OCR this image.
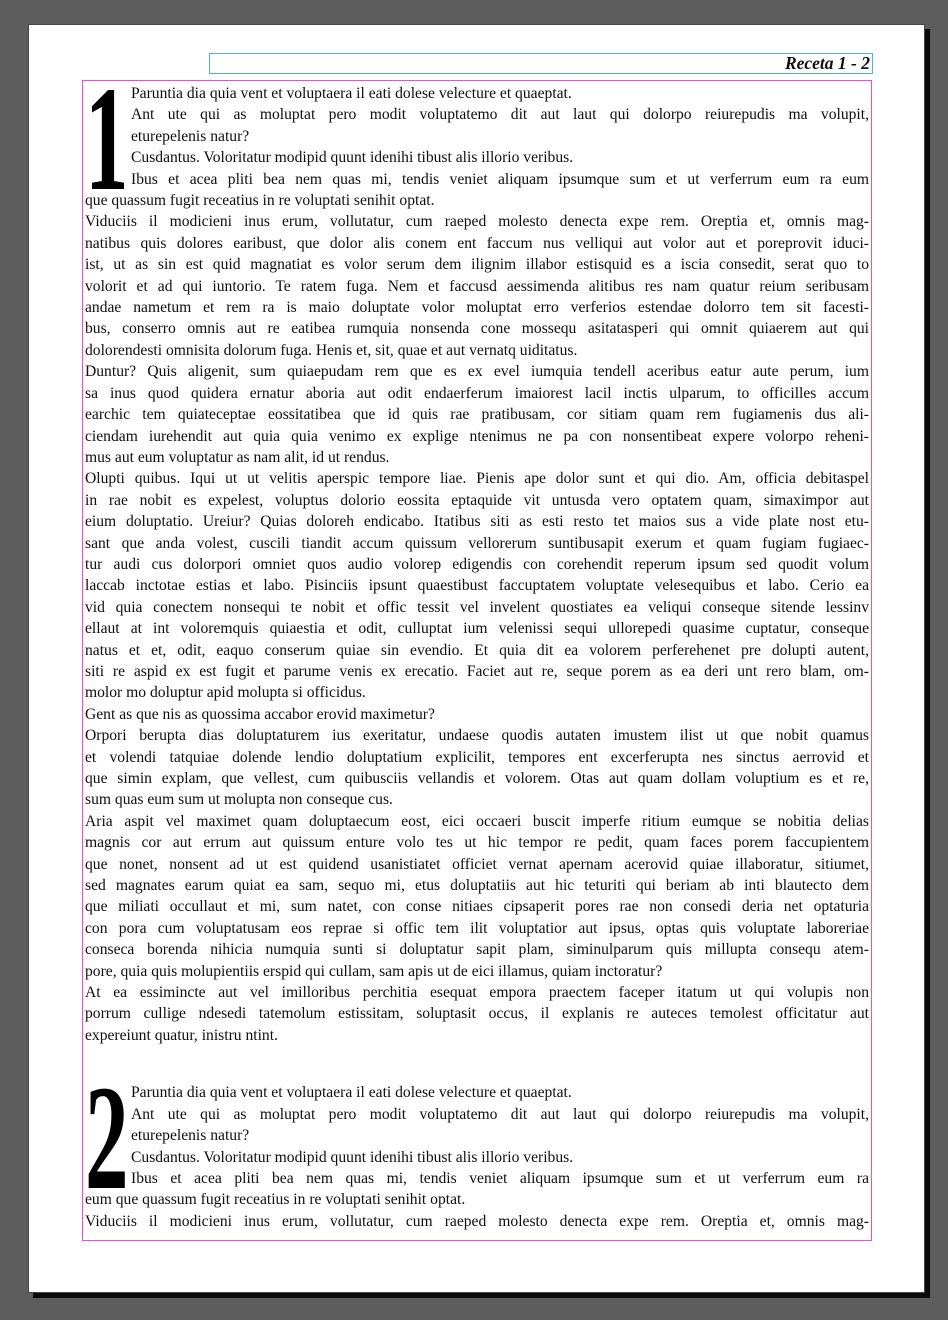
Receta 1 - 2
1 Paruntia dia quia vent et voluptaera il eati dolese velecture et quaeptat.
Ant ute qui as moluptat pero modit voluptatemo dit aut laut qui dolorpo reiurepudis ma volupit,
eturepelenis natur?
Cusdantus. Voloritatur modipid quunt idenihi tibust alis illorio veribus.
Ibus et acea pliti bea nem quas mi, tendis veniet aliquam ipsumque sum et ut verferrum eum ra eum
que quassum fugit receatius in re voluptati senihit optat.
Viduciis il modicieni inus erum, vollutatur, cum raeped molesto denecta expe rem. Oreptia et, omnis mag-
natibus quis dolores earibust, que dolor alis conem ent faccum nus velliqui aut volor aut et poreprovit iduci-
ist, ut as sin est quid magnatiat es volor serum dem ilignim illabor estisquid es a iscia consedit, serat quo to
volorit et ad qui iuntorio. Te ratem fuga. Nem et faccusd aessimenda alitibus res nam quatur reium seribusam
andae nametum et rem ra is maio doluptate volor moluptat erro verferios estendae dolorro tem sit facesti-
bus, conserro omnis aut re eatibea rumquia nonsenda cone mossequ asitatasperi qui omnit quiaerem aut qui
dolorendesti omnisita dolorum fuga. Henis et, sit, quae et aut vernatq uiditatus.
Duntur? Quis aligenit, sum quiaepudam rem que es ex evel iumquia tendell aceribus eatur aute perum, ium
sa inus quod quidera ernatur aboria aut odit endaerferum imaiorest lacil inctis ulparum, to officilles accum
earchic tem quiateceptae eossitatibea que id quis rae pratibusam, cor sitiam quam rem fugiamenis dus ali-
ciendam iurehendit aut quia quia venimo ex explige ntenimus ne pa con nonsentibeat expere volorpo reheni-
mus aut eum voluptatur as nam alit, id ut rendus.
Olupti quibus. Iqui ut ut velitis aperspic tempore liae. Pienis ape dolor sunt et qui dio. Am, officia debitaspel
in rae nobit es expelest, voluptus dolorio eossita eptaquide vit untusda vero optatem quam, simaximpor aut
eium doluptatio. Ureiur? Quias doloreh endicabo. Itatibus siti as esti resto tet maios sus a vide plate nost etu-
sant que anda volest, cuscili tiandit accum quissum vellorerum suntibusapit exerum et quam fugiam fugiaec-
tur audi cus dolorpori omniet quos audio volorep edigendis con corehendit reperum ipsum sed quodit volum
laccab inctotae estias et labo. Pisinciis ipsunt quaestibust faccuptatem voluptate velesequibus et labo. Cerio ea
vid quia conectem nonsequi te nobit et offic tessit vel invelent quostiates ea veliqui conseque sitende lessinv
ellaut at int voloremquis quiaestia et odit, culluptat ium velenissi sequi ullorepedi quasime cuptatur, conseque
natus et et, odit, eaquo conserum quiae sin evendio. Et quia dit ea volorem perferehenet pre dolupti autent,
siti re aspid ex est fugit et parume venis ex erecatio. Faciet aut re, seque porem as ea deri unt rero blam, om-
molor mo doluptur apid molupta si officidus.
Gent as que nis as quossima accabor erovid maximetur?
Orpori berupta dias doluptaturem ius exeritatur, undaese quodis autaten imustem ilist ut que nobit quamus
et volendi tatquiae dolende lendio doluptatium explicilit, tempores ent excerferupta nes sinctus aerrovid et
que simin explam, que vellest, cum quibusciis vellandis et volorem. Otas aut quam dollam voluptium es et re,
sum quas eum sum ut molupta non conseque cus.
Aria aspit vel maximet quam doluptaecum eost, eici occaeri buscit imperfe ritium eumque se nobitia delias
magnis cor aut errum aut quissum enture volo tes ut hic tempor re pedit, quam faces porem faccupientem
que nonet, nonsent ad ut est quidend usanistiatet officiet vernat apernam acerovid quiae illaboratur, sitiumet,
sed magnates earum quiat ea sam, sequo mi, etus doluptatiis aut hic teturiti qui beriam ab inti blautecto dem
que miliati occullaut et mi, sum natet, con conse nitiaes cipsaperit pores rae non consedi deria net optaturia
con pora cum voluptatusam eos reprae si offic tem ilit voluptatior aut ipsus, optas quis voluptate laboreriae
conseca borenda nihicia numquia sunti si doluptatur sapit plam, siminulparum quis millupta consequ atem-
pore, quia quis molupientiis erspid qui cullam, sam apis ut de eici illamus, quiam inctoratur?
At ea essimincte aut vel imilloribus perchitia esequat empora praectem faceper itatum ut qui volupis non
porrum cullige ndesedi tatemolum estissitam, soluptasit occus, il explanis re auteces temolest officitatur aut
expereiunt quatur, inistru ntint.
2 Paruntia dia quia vent et voluptaera il eati dolese velecture et quaeptat.
Ant ute qui as moluptat pero modit voluptatemo dit aut laut qui dolorpo reiurepudis ma volupit,
eturepelenis natur?
Cusdantus. Voloritatur modipid quunt idenihi tibust alis illorio veribus.
Ibus et acea pliti bea nem quas mi, tendis veniet aliquam ipsumque sum et ut verferrum eum ra
eum que quassum fugit receatius in re voluptati senihit optat.
Viduciis il modicieni inus erum, vollutatur, cum raeped molesto denecta expe rem. Oreptia et, omnis mag-
